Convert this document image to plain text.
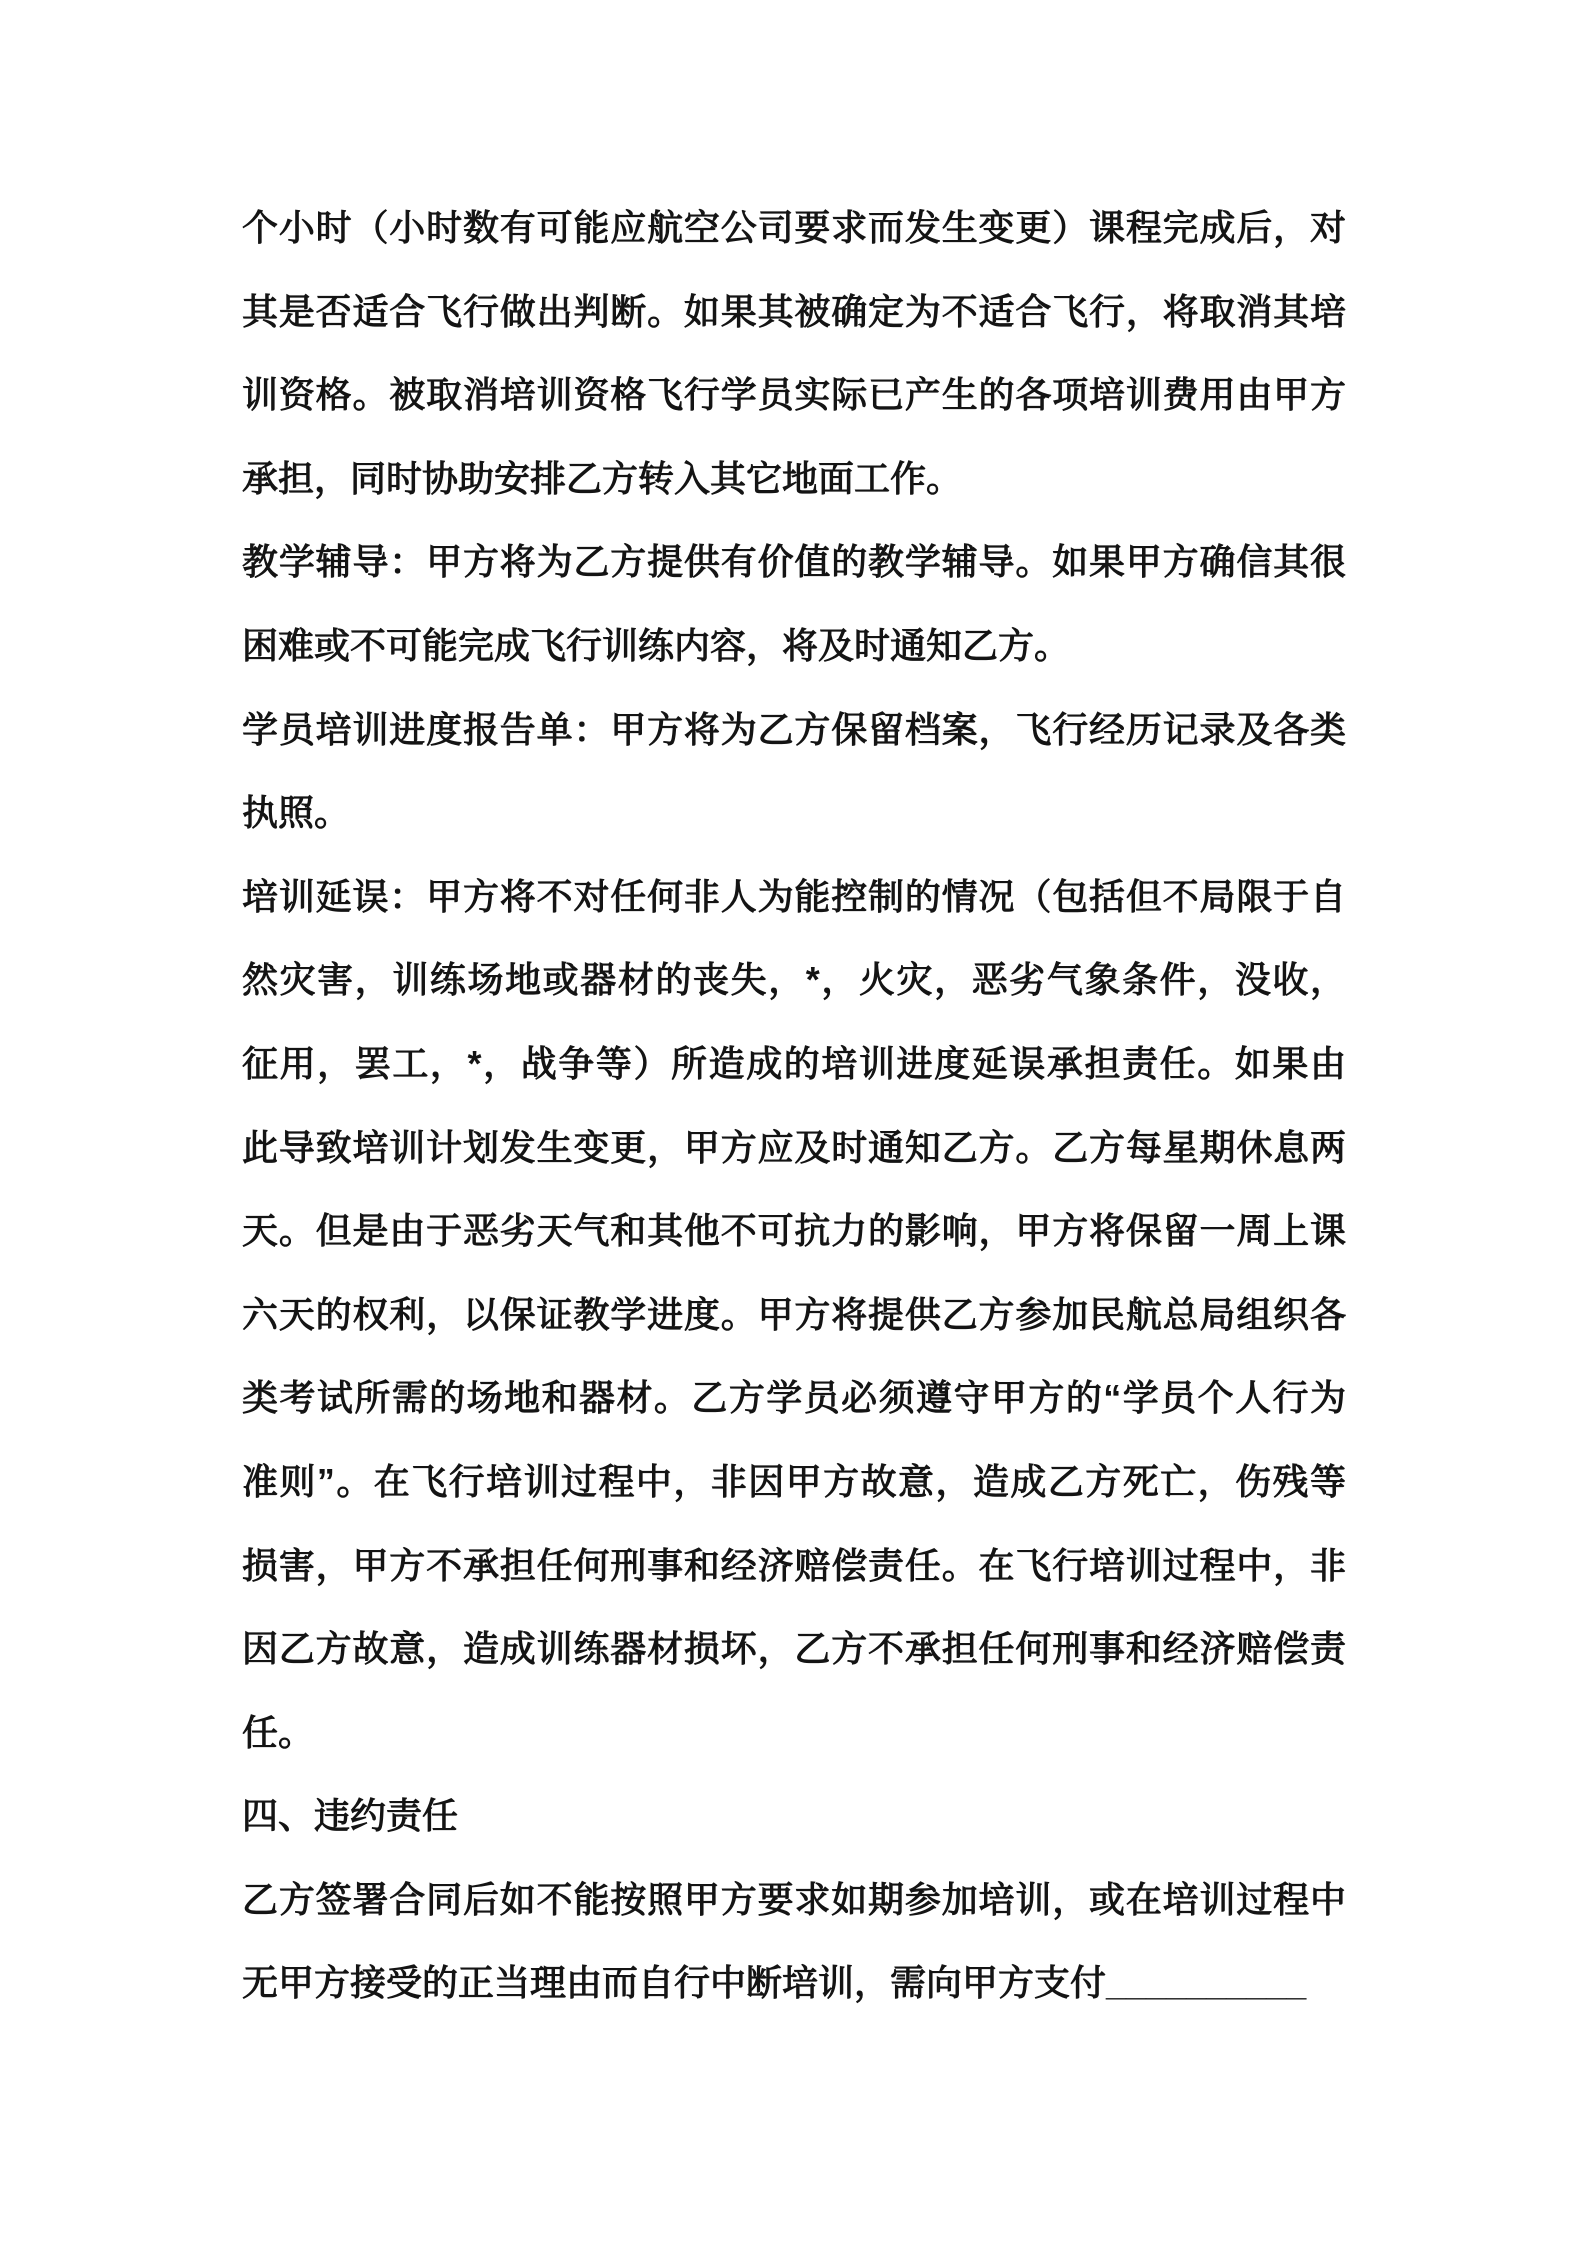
个小时（小时数有可能应航空公司要求而发生变更）课程完成后，对
其是否适合飞行做出判断。如果其被确定为不适合飞行，将取消其培
训资格。被取消培训资格飞行学员实际已产生的各项培训费用由甲方
承担，同时协助安排乙方转入其它地面工作。
教学辅导：甲方将为乙方提供有价值的教学辅导。如果甲方确信其很
困难或不可能完成飞行训练内容，将及时通知乙方。
学员培训进度报告单：甲方将为乙方保留档案，飞行经历记录及各类
执照。
培训延误：甲方将不对任何非人为能控制的情况（包括但不局限于自
然灾害，训练场地或器材的丧失，*，火灾，恶劣气象条件，没收，
征用，罢工，*，战争等）所造成的培训进度延误承担责任。如果由
此导致培训计划发生变更，甲方应及时通知乙方。乙方每星期休息两
天。但是由于恶劣天气和其他不可抗力的影响，甲方将保留一周上课
六天的权利，以保证教学进度。甲方将提供乙方参加民航总局组织各
类考试所需的场地和器材。乙方学员必须遵守甲方的“学员个人行为
准则”。在飞行培训过程中，非因甲方故意，造成乙方死亡，伤残等
损害，甲方不承担任何刑事和经济赔偿责任。在飞行培训过程中，非
因乙方故意，造成训练器材损坏，乙方不承担任何刑事和经济赔偿责
任。
四、违约责任
乙方签署合同后如不能按照甲方要求如期参加培训，或在培训过程中
无甲方接受的正当理由而自行中断培训，需向甲方支付__________
